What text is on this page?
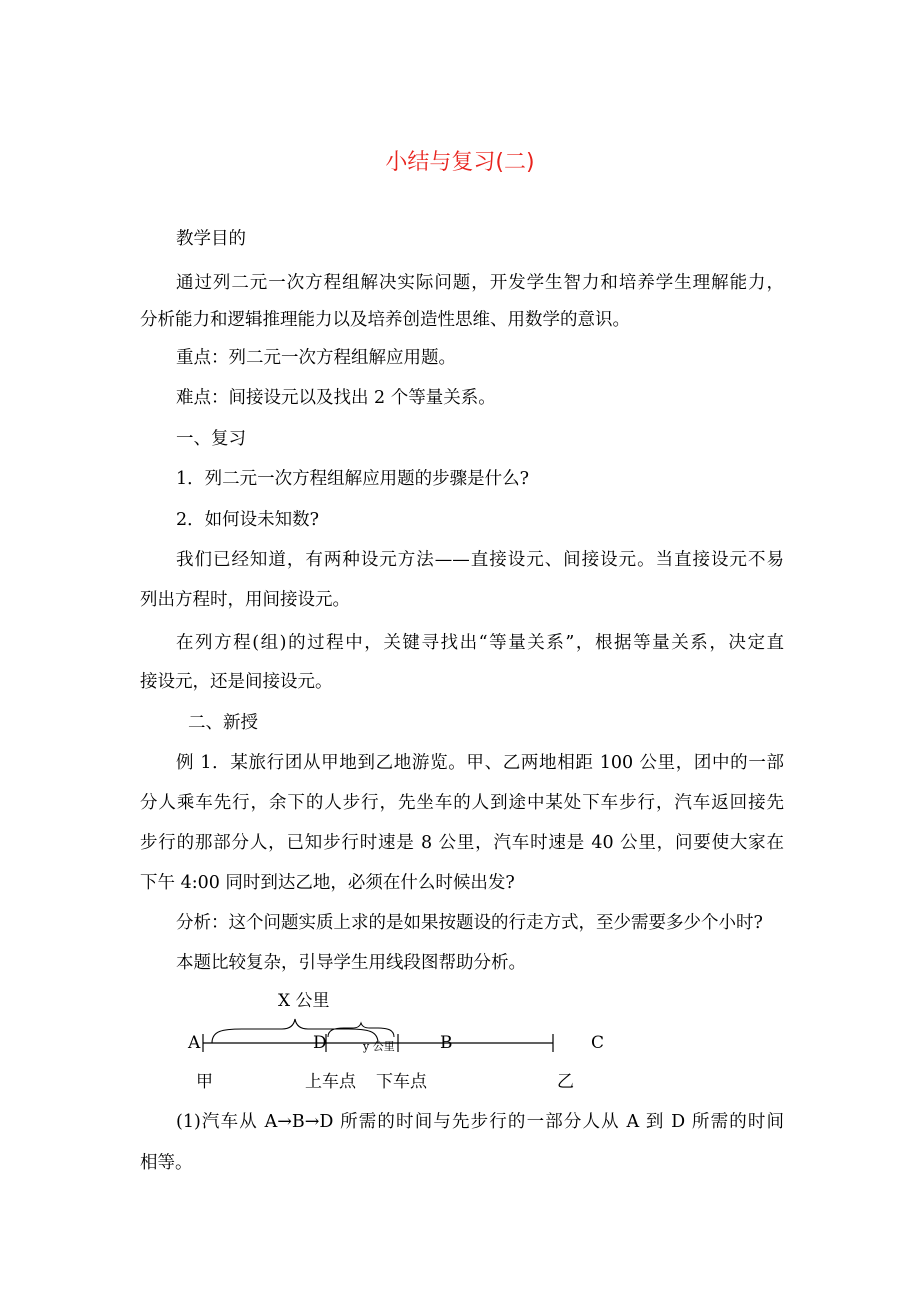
小结与复习(二)
教学目的
通过列二元一次方程组解决实际问题，开发学生智力和培养学生理解能力，
分析能力和逻辑推理能力以及培养创造性思维、用数学的意识。
重点：列二元一次方程组解应用题。
难点：间接设元以及找出 2 个等量关系。
一、复习
1．列二元一次方程组解应用题的步骤是什么?
2．如何设未知数?
我们已经知道，有两种设元方法——直接设元、间接设元。当直接设元不易
列出方程时，用间接设元。
在列方程(组)的过程中，关键寻找出“等量关系”，根据等量关系，决定直
接设元，还是间接设元。
二、新授
例 1．某旅行团从甲地到乙地游览。甲、乙两地相距 100 公里，团中的一部
分人乘车先行，余下的人步行，先坐车的人到途中某处下车步行，汽车返回接先
步行的那部分人，已知步行时速是 8 公里，汽车时速是 40 公里，问要使大家在
下午 4:00 同时到达乙地，必须在什么时候出发?
分析：这个问题实质上求的是如果按题设的行走方式，至少需要多少个小时?
本题比较复杂，引导学生用线段图帮助分析。
X 公里
y 公里
A	D	B	C
甲	上车点 下车点	乙
(1)汽车从 A→B→D 所需的时间与先步行的一部分人从 A 到 D 所需的时间
相等。
